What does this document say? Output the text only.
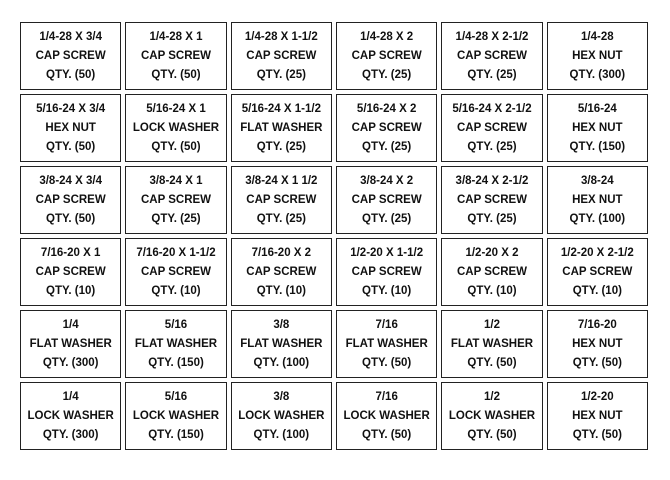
1/4-28 X 3/4
CAP SCREW
QTY. (50)
1/4-28 X 1
CAP SCREW
QTY. (50)
1/4-28 X 1-1/2
CAP SCREW
QTY. (25)
1/4-28 X 2
CAP SCREW
QTY. (25)
1/4-28 X 2-1/2
CAP SCREW
QTY. (25)
1/4-28
HEX NUT
QTY. (300)
5/16-24 X 3/4
HEX NUT
QTY. (50)
5/16-24 X 1
LOCK WASHER
QTY. (50)
5/16-24 X 1-1/2
FLAT WASHER
QTY. (25)
5/16-24 X 2
CAP SCREW
QTY. (25)
5/16-24 X 2-1/2
CAP SCREW
QTY. (25)
5/16-24
HEX NUT
QTY. (150)
3/8-24 X 3/4
CAP SCREW
QTY. (50)
3/8-24 X 1
CAP SCREW
QTY. (25)
3/8-24 X 1 1/2
CAP SCREW
QTY. (25)
3/8-24 X 2
CAP SCREW
QTY. (25)
3/8-24 X 2-1/2
CAP SCREW
QTY. (25)
3/8-24
HEX NUT
QTY. (100)
7/16-20 X 1
CAP SCREW
QTY. (10)
7/16-20 X 1-1/2
CAP SCREW
QTY. (10)
7/16-20 X 2
CAP SCREW
QTY. (10)
1/2-20 X 1-1/2
CAP SCREW
QTY. (10)
1/2-20 X 2
CAP SCREW
QTY. (10)
1/2-20 X 2-1/2
CAP SCREW
QTY. (10)
1/4
FLAT WASHER
QTY. (300)
5/16
FLAT WASHER
QTY. (150)
3/8
FLAT WASHER
QTY. (100)
7/16
FLAT WASHER
QTY. (50)
1/2
FLAT WASHER
QTY. (50)
7/16-20
HEX NUT
QTY. (50)
1/4
LOCK WASHER
QTY. (300)
5/16
LOCK WASHER
QTY. (150)
3/8
LOCK WASHER
QTY. (100)
7/16
LOCK WASHER
QTY. (50)
1/2
LOCK WASHER
QTY. (50)
1/2-20
HEX NUT
QTY. (50)
